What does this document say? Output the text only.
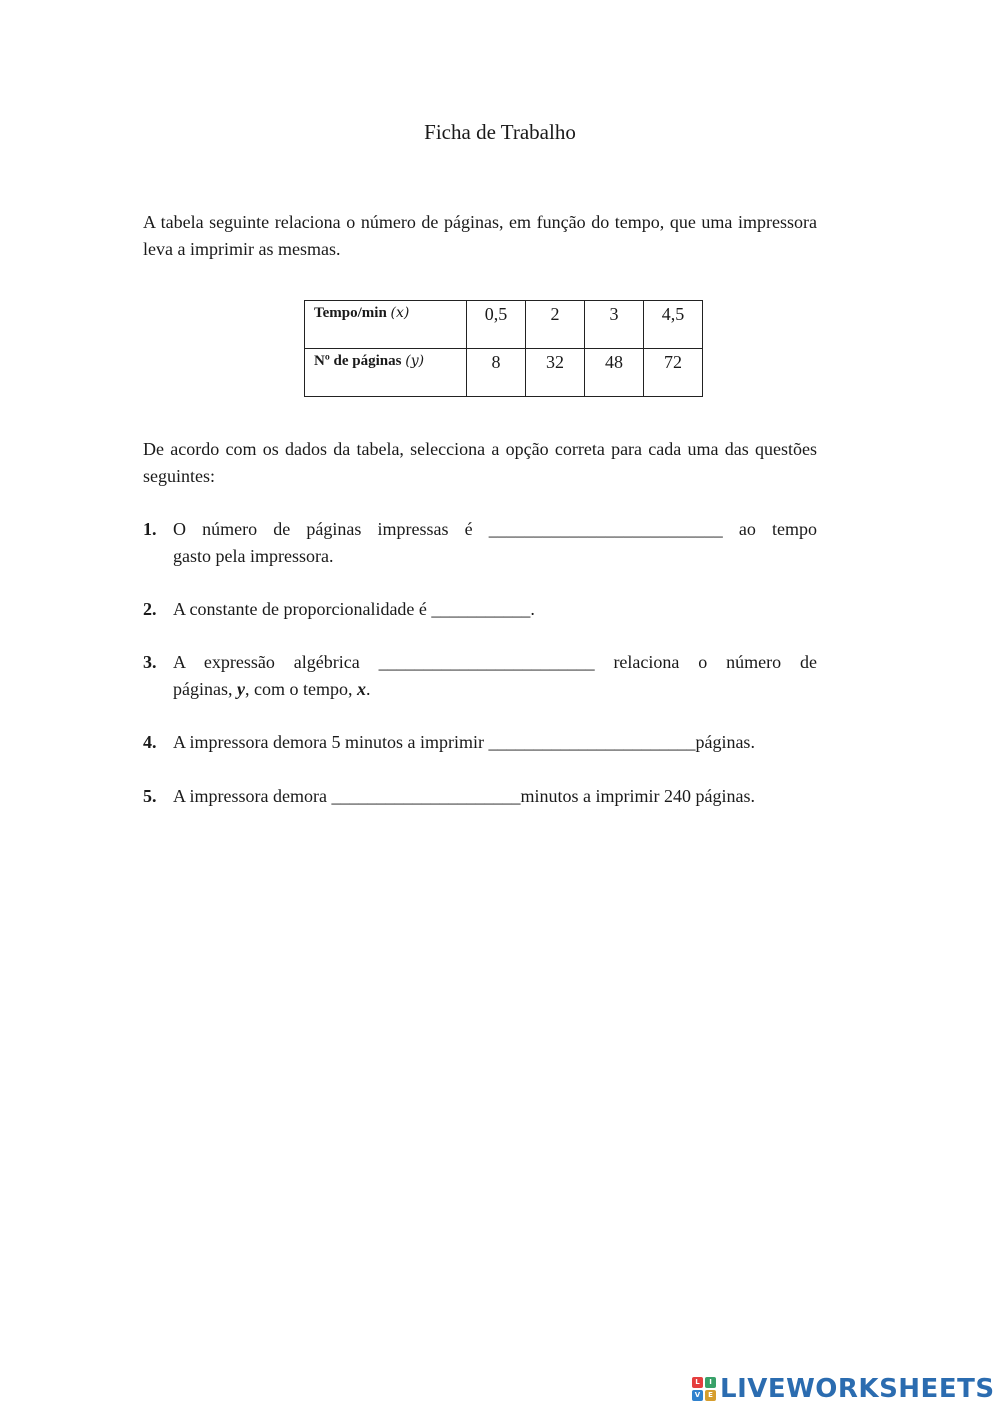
Ficha de Trabalho
A tabela seguinte relaciona o número de páginas, em função do tempo, que uma impressora leva a imprimir as mesmas.
Tempo/min (x)	0,5	2	3	4,5
Nº de páginas (y)	8	32	48	72
De acordo com os dados da tabela, selecciona a opção correta para cada uma das questões seguintes:
1. O número de páginas impressas é __________________________ ao tempo
gasto pela impressora.
2. A constante de proporcionalidade é ___________.
3. A expressão algébrica ________________________ relaciona o número de
páginas, y, com o tempo, x.
4. A impressora demora 5 minutos a imprimir _______________________páginas.
5. A impressora demora _____________________minutos a imprimir 240 páginas.
L	I
V	E LIVEWORKSHEETS
